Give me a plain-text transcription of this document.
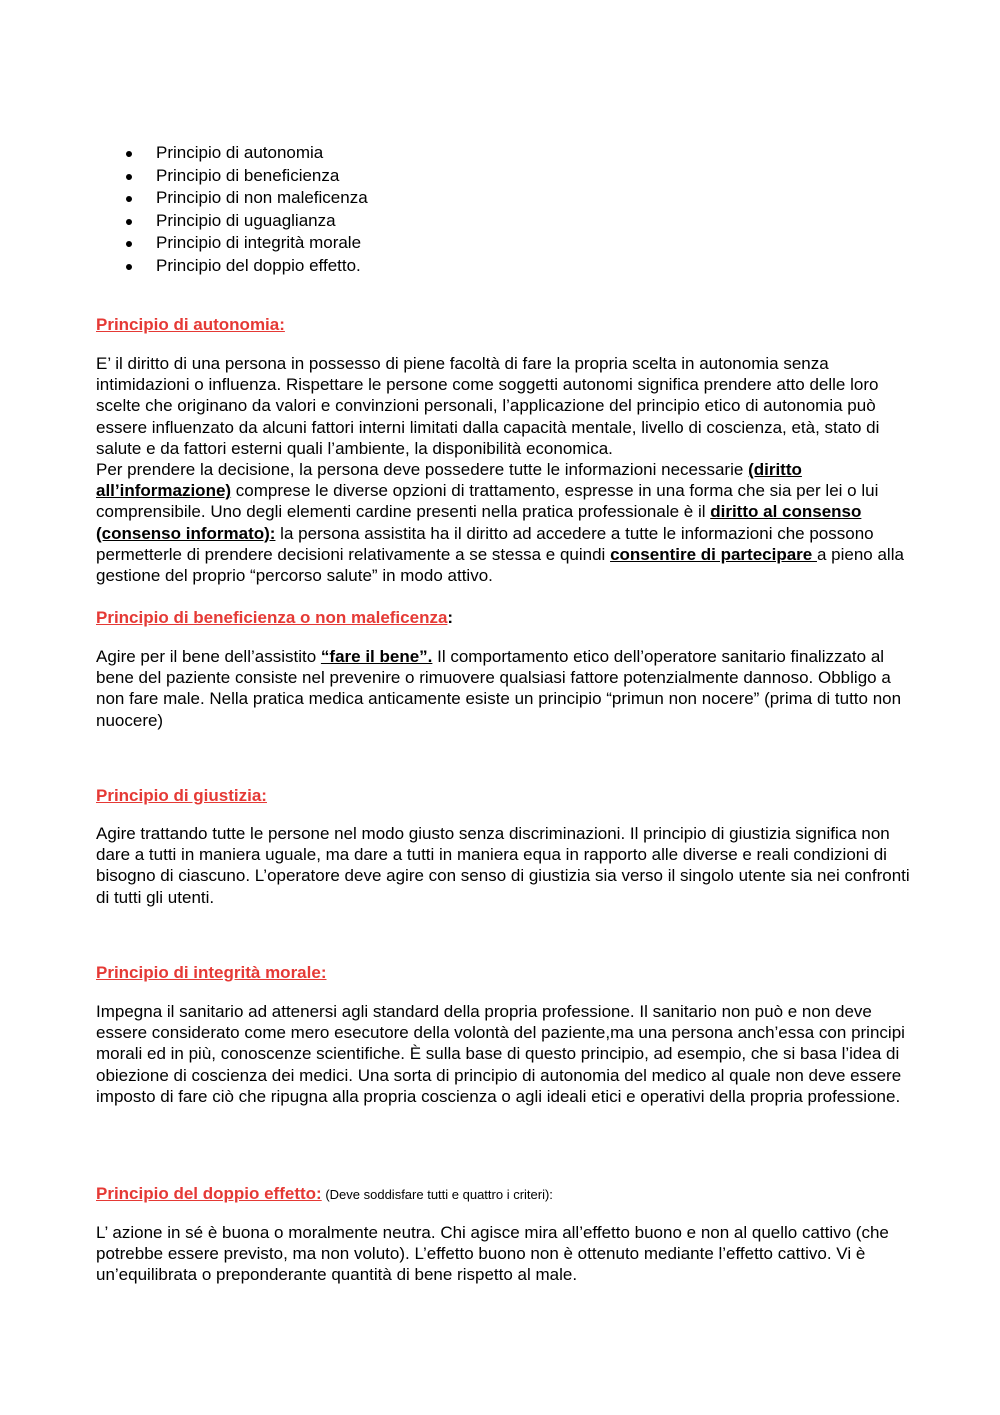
Principio di autonomia
Principio di beneficienza
Principio di non maleficenza
Principio di uguaglianza
Principio di integrità morale
Principio del doppio effetto.
Principio di autonomia:

E’ il diritto di una persona in possesso di piene facoltà di fare la propria scelta in autonomia senza intimidazioni o influenza. Rispettare le persone come soggetti autonomi significa prendere atto delle loro scelte che originano da valori e convinzioni personali, l’applicazione del principio etico di autonomia può essere influenzato da alcuni fattori interni limitati dalla capacità mentale, livello di coscienza, età, stato di salute e da fattori esterni quali l’ambiente, la disponibilità economica.

Per prendere la decisione, la persona deve possedere tutte le informazioni necessarie (diritto all’informazione) comprese le diverse opzioni di trattamento, espresse in una forma che sia per lei o lui comprensibile. Uno degli elementi cardine presenti nella pratica professionale è il diritto al consenso (consenso informato): la persona assistita ha il diritto ad accedere a tutte le informazioni che possono permetterle di prendere decisioni relativamente a se stessa e quindi consentire di partecipare a pieno alla gestione del proprio “percorso salute” in modo attivo.

Principio di beneficienza o non maleficenza:

Agire per il bene dell’assistito “fare il bene”. Il comportamento etico dell’operatore sanitario finalizzato al bene del paziente consiste nel prevenire o rimuovere qualsiasi fattore potenzialmente dannoso. Obbligo a non fare male. Nella pratica medica anticamente esiste un principio “primun non nocere” (prima di tutto non nuocere)

Principio di giustizia:

Agire trattando tutte le persone nel modo giusto senza discriminazioni. Il principio di giustizia significa non dare a tutti in maniera uguale, ma dare a tutti in maniera equa in rapporto alle diverse e reali condizioni di bisogno di ciascuno. L’operatore deve agire con senso di giustizia sia verso il singolo utente sia nei confronti di tutti gli utenti.

Principio di integrità morale:

Impegna il sanitario ad attenersi agli standard della propria professione. Il sanitario non può e non deve essere considerato come mero esecutore della volontà del paziente,ma una persona anch’essa con principi morali ed in più, conoscenze scientifiche. È sulla base di questo principio, ad esempio, che si basa l’idea di obiezione di coscienza dei medici. Una sorta di principio di autonomia del medico al quale non deve essere imposto di fare ciò che ripugna alla propria coscienza o agli ideali etici e operativi della propria professione.

Principio del doppio effetto: (Deve soddisfare tutti e quattro i criteri):

L’ azione in sé è buona o moralmente neutra. Chi agisce mira all’effetto buono e non al quello cattivo (che potrebbe essere previsto, ma non voluto). L’effetto buono non è ottenuto mediante l’effetto cattivo. Vi è un’equilibrata o preponderante quantità di bene rispetto al male.
